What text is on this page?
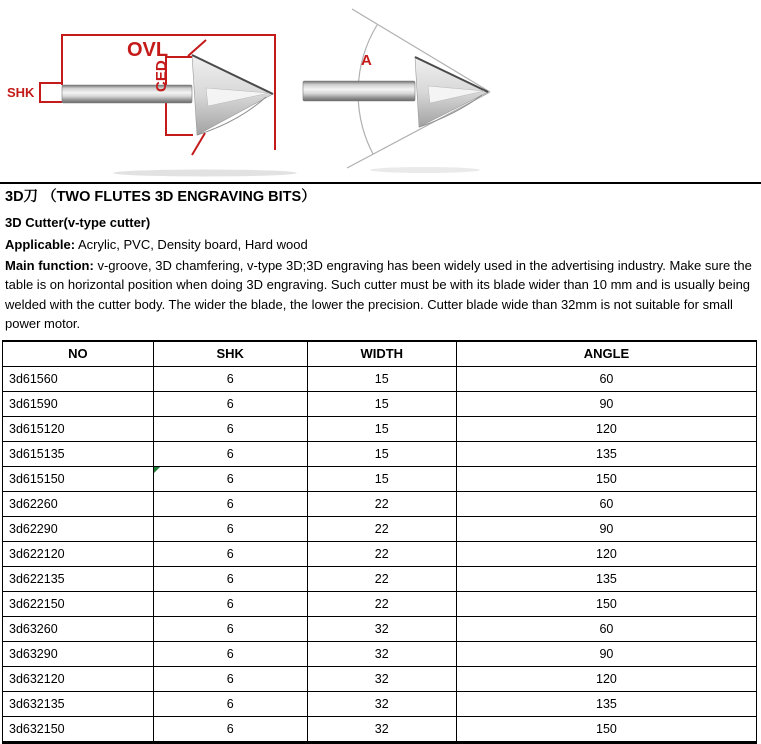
OVL
CED
SHK
A
3D刀 （TWO FLUTES 3D ENGRAVING BITS）
3D Cutter(v-type cutter)

Applicable: Acrylic, PVC, Density board, Hard wood

Main function: v-groove, 3D chamfering, v-type 3D;3D engraving has been widely used in the advertising industry. Make sure the table is on horizontal position when doing 3D engraving. Such cutter must be with its blade wider than 10 mm and is usually being welded with the cutter body. The wider the blade, the lower the precision. Cutter blade wide than 32mm is not suitable for small power motor.

NO	SHK	WIDTH	ANGLE
3d61560	6	15	60
3d61590	6	15	90
3d615120	6	15	120
3d615135	6	15	135
3d615150	6	15	150
3d62260	6	22	60
3d62290	6	22	90
3d622120	6	22	120
3d622135	6	22	135
3d622150	6	22	150
3d63260	6	32	60
3d63290	6	32	90
3d632120	6	32	120
3d632135	6	32	135
3d632150	6	32	150
